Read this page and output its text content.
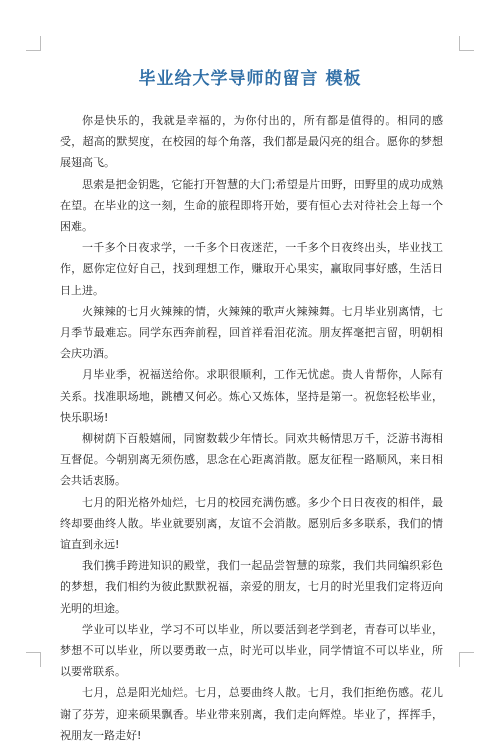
毕业给大学导师的留言 模板

你是快乐的，我就是幸福的，为你付出的，所有都是值得的。相同的感受，超高的默契度，在校园的每个角落，我们都是最闪亮的组合。愿你的梦想展翅高飞。

思索是把金钥匙，它能打开智慧的大门;希望是片田野，田野里的成功成熟在望。在毕业的这一刻，生命的旅程即将开始，要有恒心去对待社会上每一个困难。

一千多个日夜求学，一千多个日夜迷茫，一千多个日夜终出头，毕业找工作，愿你定位好自己，找到理想工作，赚取开心果实，赢取同事好感，生活日日上进。

火辣辣的七月火辣辣的情，火辣辣的歌声火辣辣舞。七月毕业别离情，七月季节最难忘。同学东西奔前程，回首祥看泪花流。朋友挥毫把言留，明朝相会庆功酒。

月毕业季，祝福送给你。求职很顺利，工作无忧虑。贵人肯帮你，人际有关系。找准职场地，跳槽又何必。炼心又炼体，坚持是第一。祝您轻松毕业，快乐职场!

柳树荫下百般嬉闹，同窗数载少年情长。同欢共畅情思万千，泛游书海相互督促。今朝别离无须伤感，思念在心距离消散。愿友征程一路顺风，来日相会共话衷肠。

七月的阳光格外灿烂，七月的校园充满伤感。多少个日日夜夜的相伴，最终却要曲终人散。毕业就要别离，友谊不会消散。愿别后多多联系，我们的情谊直到永远!

我们携手跨进知识的殿堂，我们一起品尝智慧的琼浆，我们共同编织彩色的梦想，我们相约为彼此默默祝福，亲爱的朋友，七月的时光里我们定将迈向光明的坦途。

学业可以毕业，学习不可以毕业，所以要活到老学到老，青春可以毕业，梦想不可以毕业，所以要勇敢一点，时光可以毕业，同学情谊不可以毕业，所以要常联系。

七月，总是阳光灿烂。七月，总要曲终人散。七月，我们拒绝伤感。花儿谢了芬芳，迎来硕果飘香。毕业带来别离，我们走向辉煌。毕业了，挥挥手，祝朋友一路走好!
